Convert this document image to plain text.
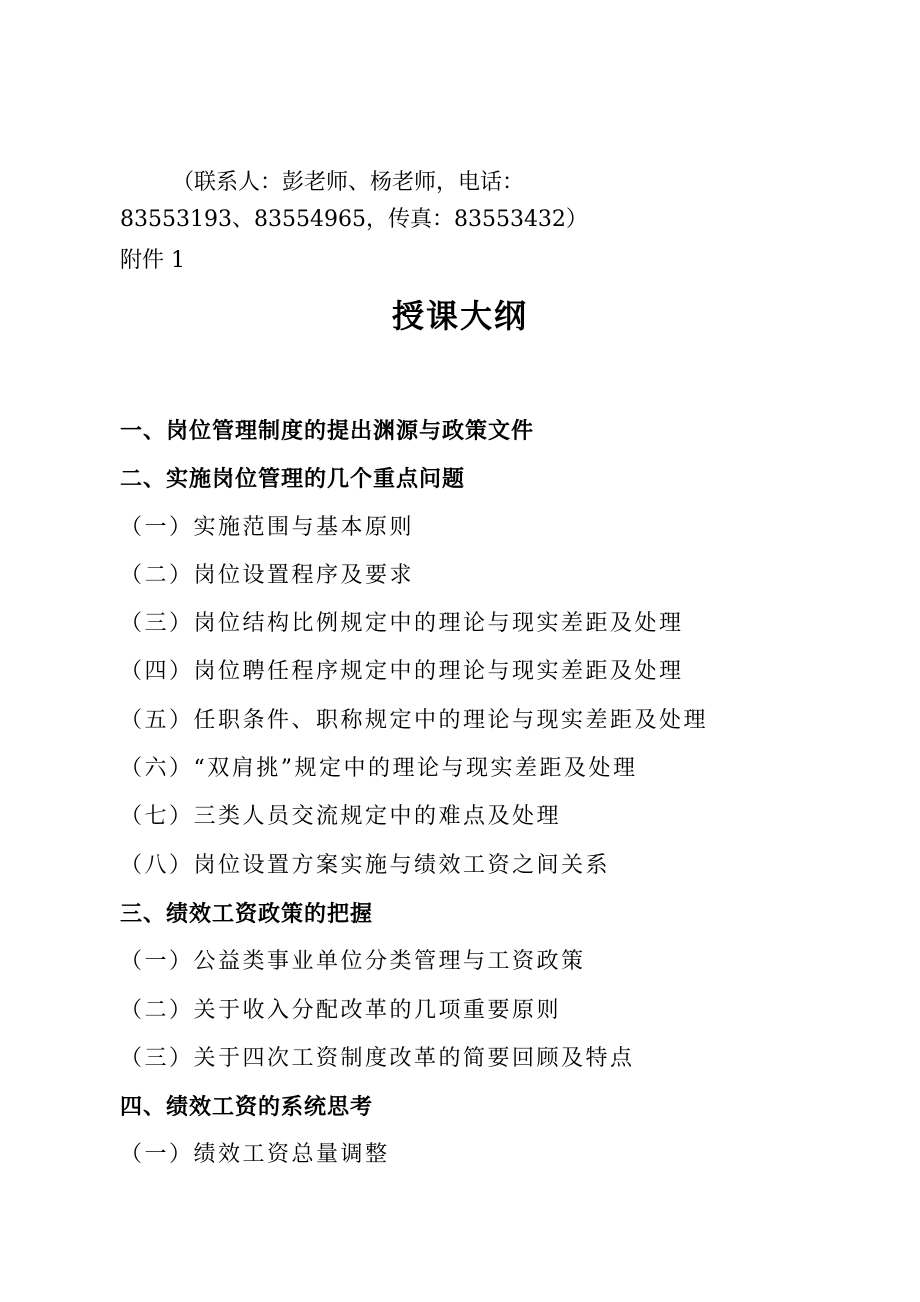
（联系人：彭老师、杨老师，电话：
83553193、83554965，传真：83553432）
附件 1
授课大纲
一、岗位管理制度的提出渊源与政策文件
二、实施岗位管理的几个重点问题
（一）实施范围与基本原则
（二）岗位设置程序及要求
（三）岗位结构比例规定中的理论与现实差距及处理
（四）岗位聘任程序规定中的理论与现实差距及处理
（五）任职条件、职称规定中的理论与现实差距及处理
（六）“双肩挑”规定中的理论与现实差距及处理
（七）三类人员交流规定中的难点及处理
（八）岗位设置方案实施与绩效工资之间关系
三、绩效工资政策的把握
（一）公益类事业单位分类管理与工资政策
（二）关于收入分配改革的几项重要原则
（三）关于四次工资制度改革的简要回顾及特点
四、绩效工资的系统思考
（一）绩效工资总量调整
